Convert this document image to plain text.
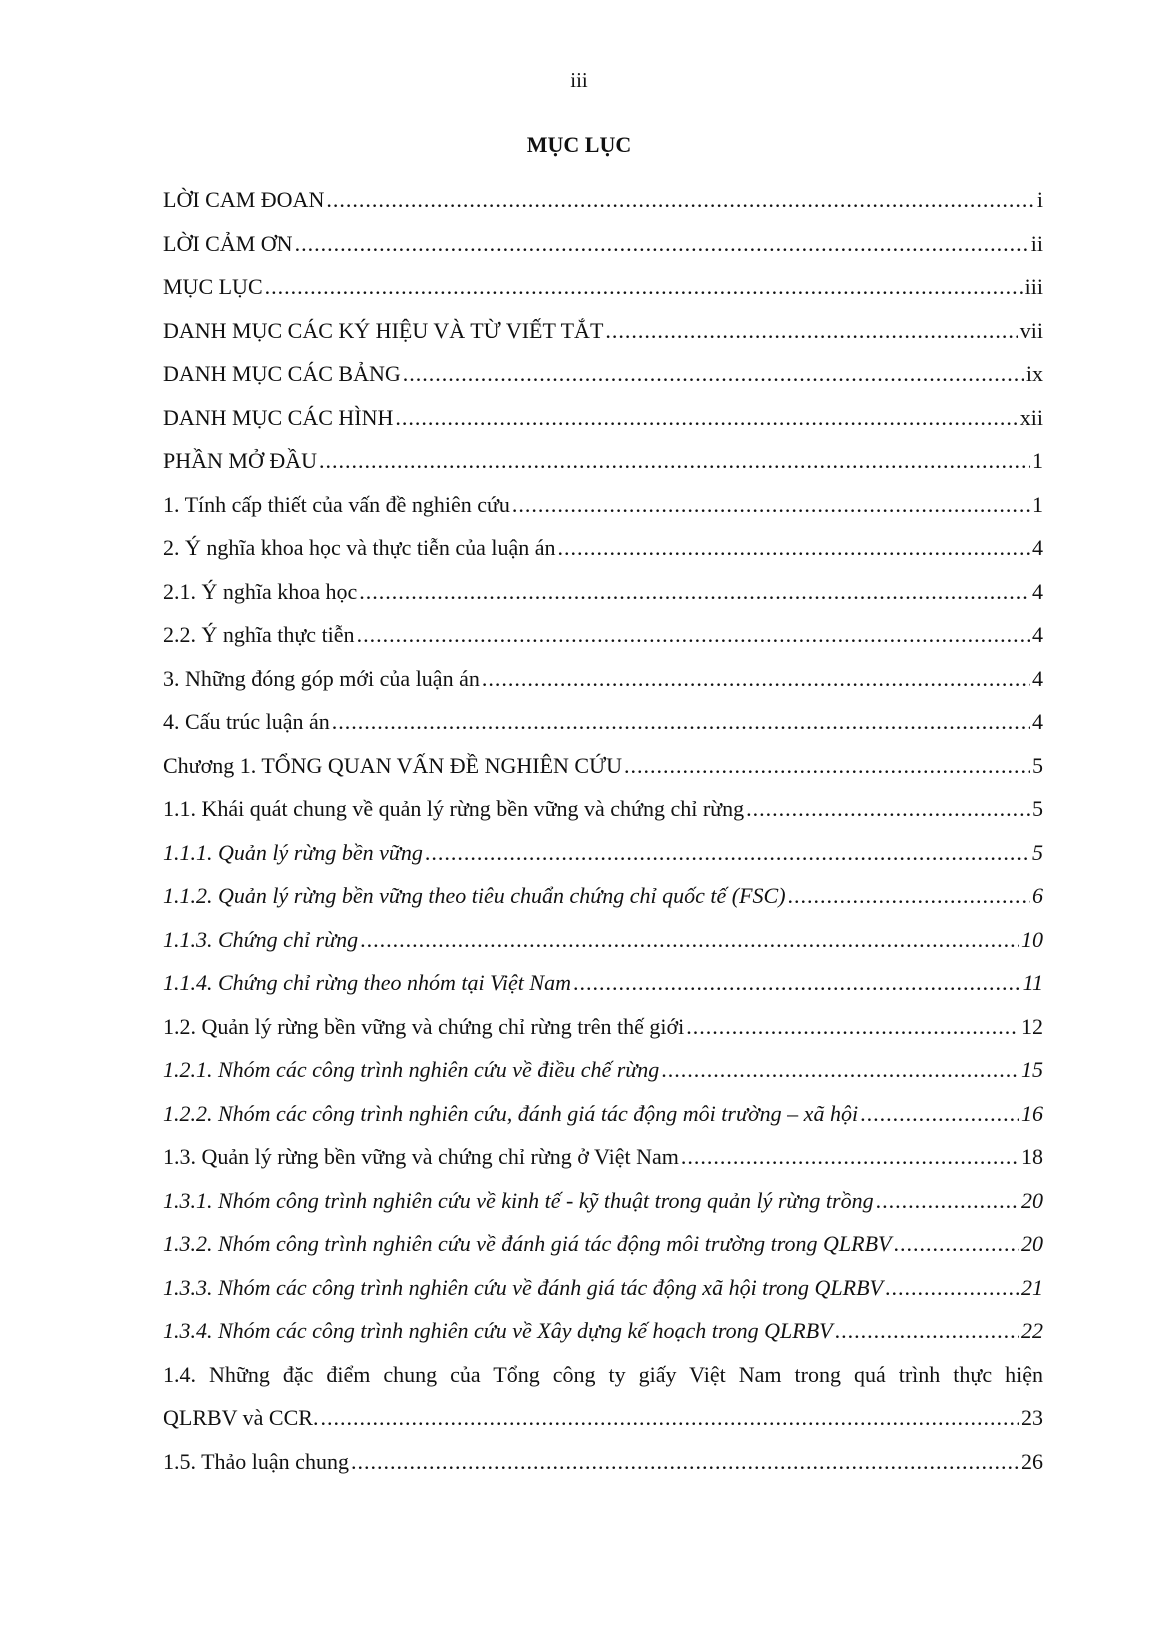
iii
MỤC LỤC
LỜI CAM ĐOAN .....	i
LỜI CẢM ƠN .....	ii
MỤC LỤC .....	iii
DANH MỤC CÁC KÝ HIỆU VÀ TỪ VIẾT TẮT .....	vii
DANH MỤC CÁC BẢNG .....	ix
DANH MỤC CÁC HÌNH .....	xii
PHẦN MỞ ĐẦU .....	1
1. Tính cấp thiết của vấn đề nghiên cứu .....	1
2. Ý nghĩa khoa học và thực tiễn của luận án .....	4
2.1. Ý nghĩa khoa học .....	4
2.2. Ý nghĩa thực tiễn .....	4
3. Những đóng góp mới của luận án .....	4
4. Cấu trúc luận án .....	4
Chương 1. TỔNG QUAN VẤN ĐỀ NGHIÊN CỨU .....	5
1.1. Khái quát chung về quản lý rừng bền vững và chứng chỉ rừng .....	5
1.1.1. Quản lý rừng bền vững .....	5
1.1.2. Quản lý rừng bền vững theo tiêu chuẩn chứng chỉ quốc tế (FSC) .....	6
1.1.3. Chứng chỉ rừng .....	10
1.1.4. Chứng chỉ rừng theo nhóm tại Việt Nam .....	11
1.2. Quản lý rừng bền vững và chứng chỉ rừng trên thế giới .....	12
1.2.1. Nhóm các công trình nghiên cứu về điều chế rừng .....	15
1.2.2. Nhóm các công trình nghiên cứu, đánh giá tác động môi trường – xã hội .....	16
1.3. Quản lý rừng bền vững và chứng chỉ rừng ở Việt Nam .....	18
1.3.1. Nhóm công trình nghiên cứu về kinh tế - kỹ thuật trong quản lý rừng trồng .....	20
1.3.2. Nhóm công trình nghiên cứu về đánh giá tác động môi trường trong QLRBV .....	20
1.3.3. Nhóm các công trình nghiên cứu về đánh giá tác động xã hội trong QLRBV .....	21
1.3.4. Nhóm các công trình nghiên cứu về Xây dựng kế hoạch trong QLRBV .....	22
1.4. Những đặc điểm chung của Tổng công ty giấy Việt Nam trong quá trình thực hiện
QLRBV và CCR. .....	23
1.5. Thảo luận chung .....	26
